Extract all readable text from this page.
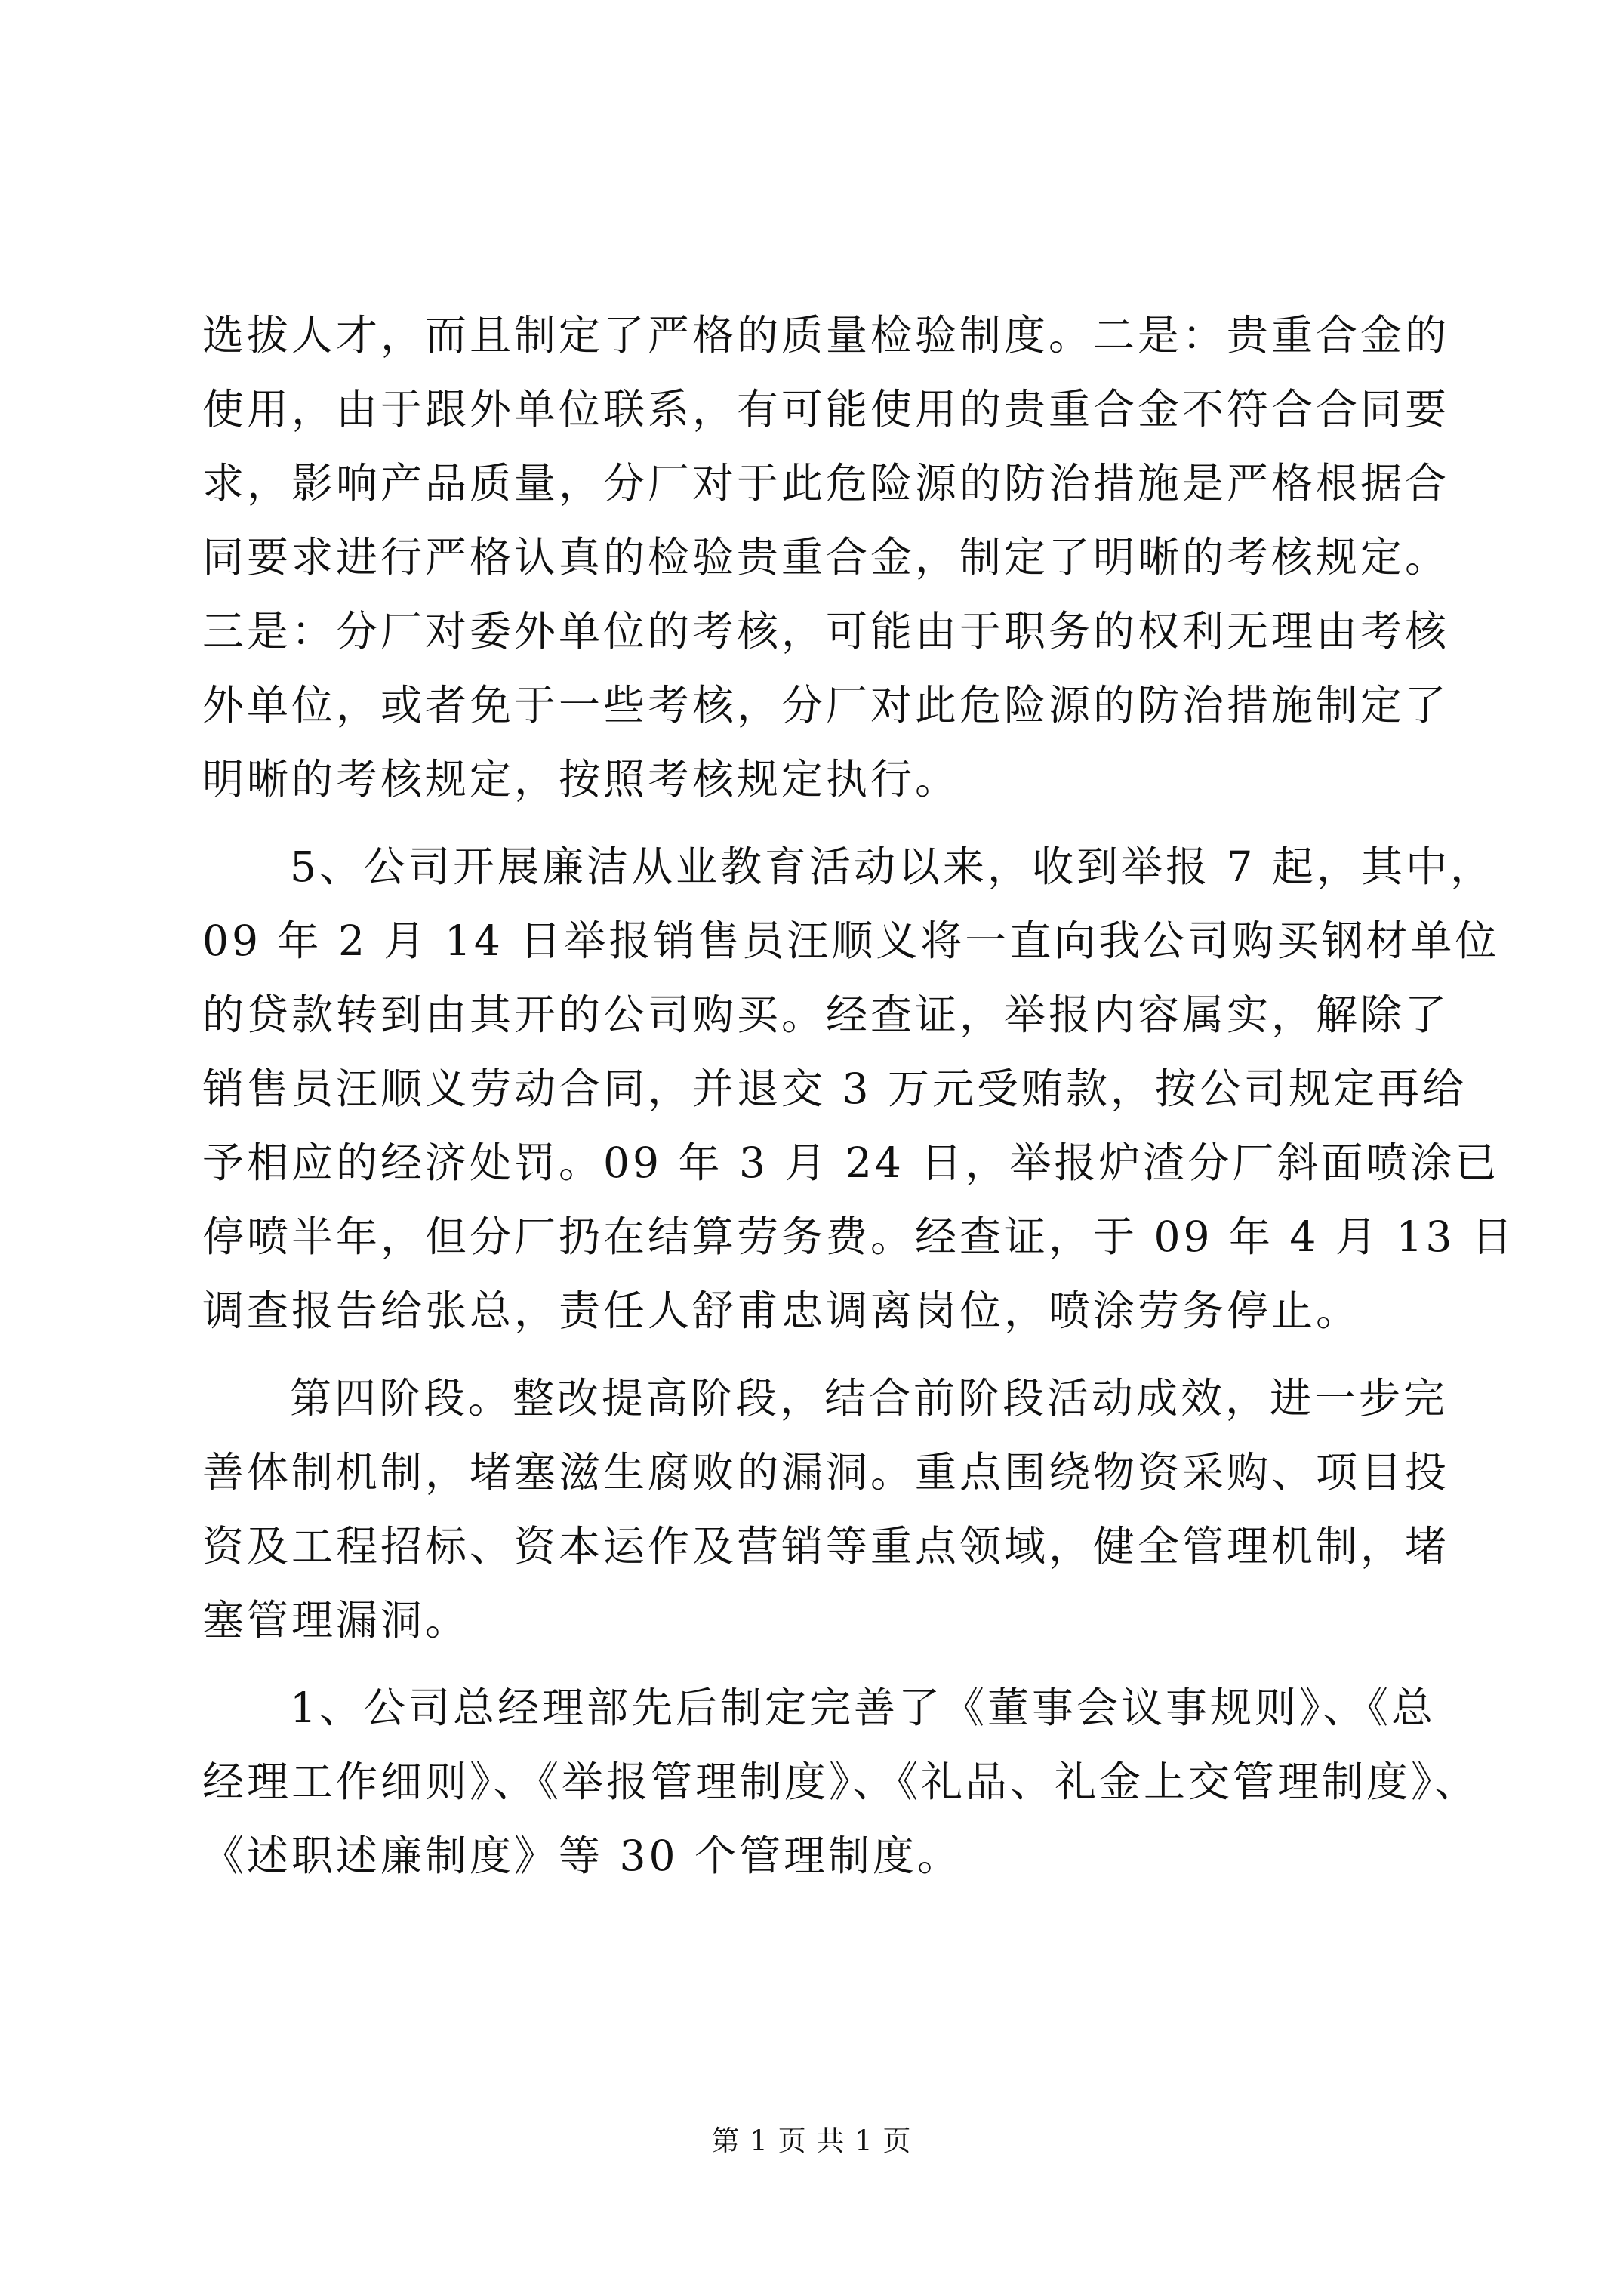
选拔人才，而且制定了严格的质量检验制度。二是：贵重合金的
使用，由于跟外单位联系，有可能使用的贵重合金不符合合同要
求，影响产品质量，分厂对于此危险源的防治措施是严格根据合
同要求进行严格认真的检验贵重合金，制定了明晰的考核规定。
三是：分厂对委外单位的考核，可能由于职务的权利无理由考核
外单位，或者免于一些考核，分厂对此危险源的防治措施制定了
明晰的考核规定，按照考核规定执行。
5、公司开展廉洁从业教育活动以来，收到举报 7 起，其中，
09 年 2 月 14 日举报销售员汪顺义将一直向我公司购买钢材单位
的贷款转到由其开的公司购买。经查证，举报内容属实，解除了
销售员汪顺义劳动合同，并退交 3 万元受贿款，按公司规定再给
予相应的经济处罚。09 年 3 月 24 日，举报炉渣分厂斜面喷涂已
停喷半年，但分厂扔在结算劳务费。经查证，于 09 年 4 月 13 日
调查报告给张总，责任人舒甫忠调离岗位，喷涂劳务停止。
第四阶段。整改提高阶段，结合前阶段活动成效，进一步完
善体制机制，堵塞滋生腐败的漏洞。重点围绕物资采购、项目投
资及工程招标、资本运作及营销等重点领域，健全管理机制，堵
塞管理漏洞。
1、公司总经理部先后制定完善了《董事会议事规则》、《总
经理工作细则》、《举报管理制度》、《礼品、礼金上交管理制度》、
《述职述廉制度》等 30 个管理制度。
第 1 页 共 1 页
